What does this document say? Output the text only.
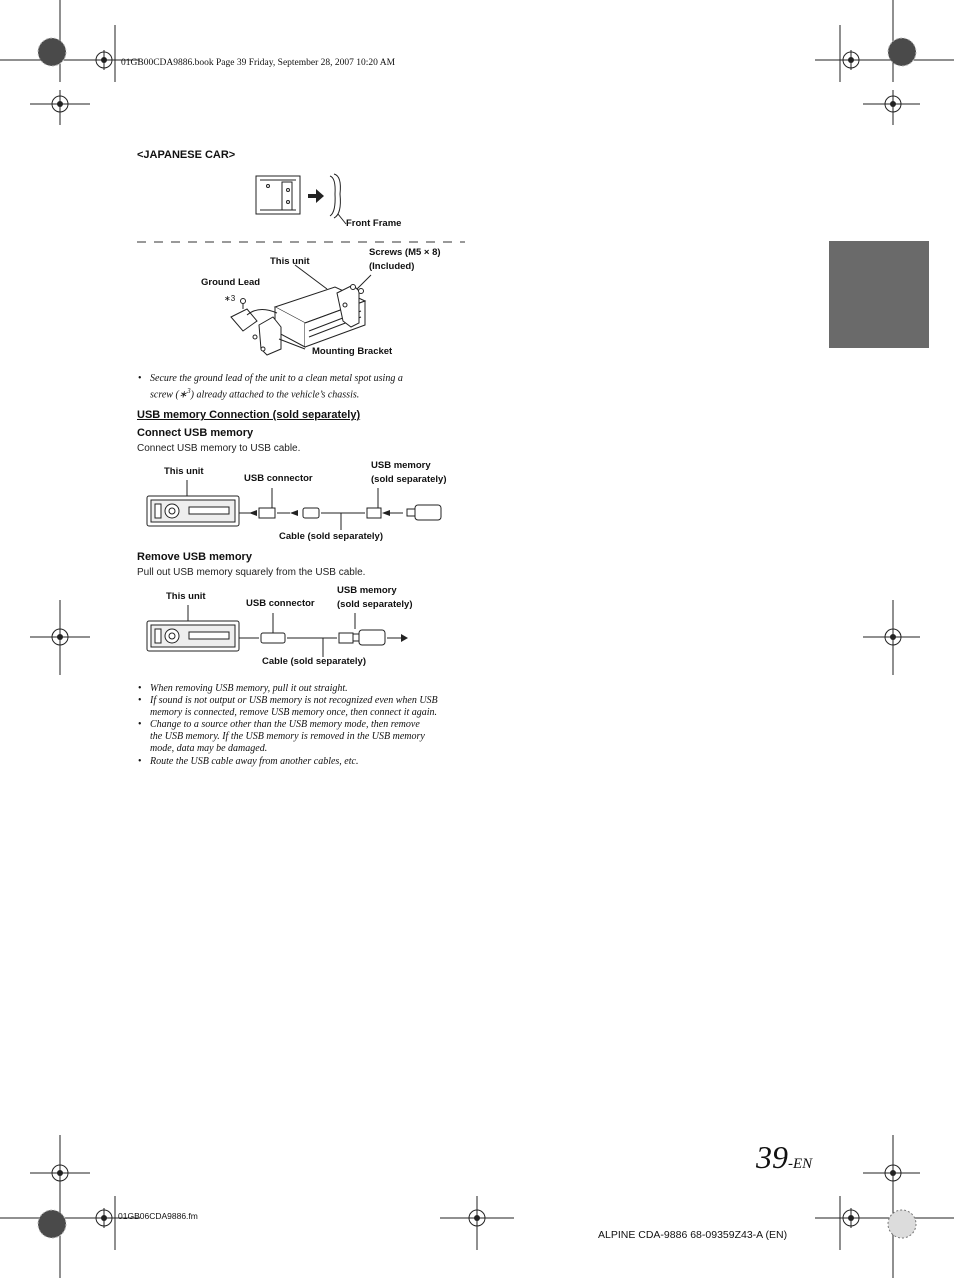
01GB00CDA9886.book Page 39 Friday, September 28, 2007 10:20 AM
<JAPANESE CAR>
Front Frame
This unit
Screws (M5 × 8)
(Included)
Ground Lead
∗3
Mounting Bracket
• Secure the ground lead of the unit to a clean metal spot using a
screw (∗$^3$) already attached to the vehicle’s chassis.
USB memory Connection (sold separately)
Connect USB memory
Connect USB memory to USB cable.
This unit
USB connector
USB memory
(sold separately)
Cable (sold separately)
Remove USB memory
Pull out USB memory squarely from the USB cable.
This unit
USB connector
USB memory
(sold separately)
Cable (sold separately)
• When removing USB memory, pull it out straight.
• If sound is not output or USB memory is not recognized even when USB
memory is connected, remove USB memory once, then connect it again.
• Change to a source other than the USB memory mode, then remove
the USB memory. If the USB memory is removed in the USB memory
mode, data may be damaged.
• Route the USB cable away from another cables, etc.
39-EN
01GB06CDA9886.fm
ALPINE CDA-9886 68-09359Z43-A (EN)
